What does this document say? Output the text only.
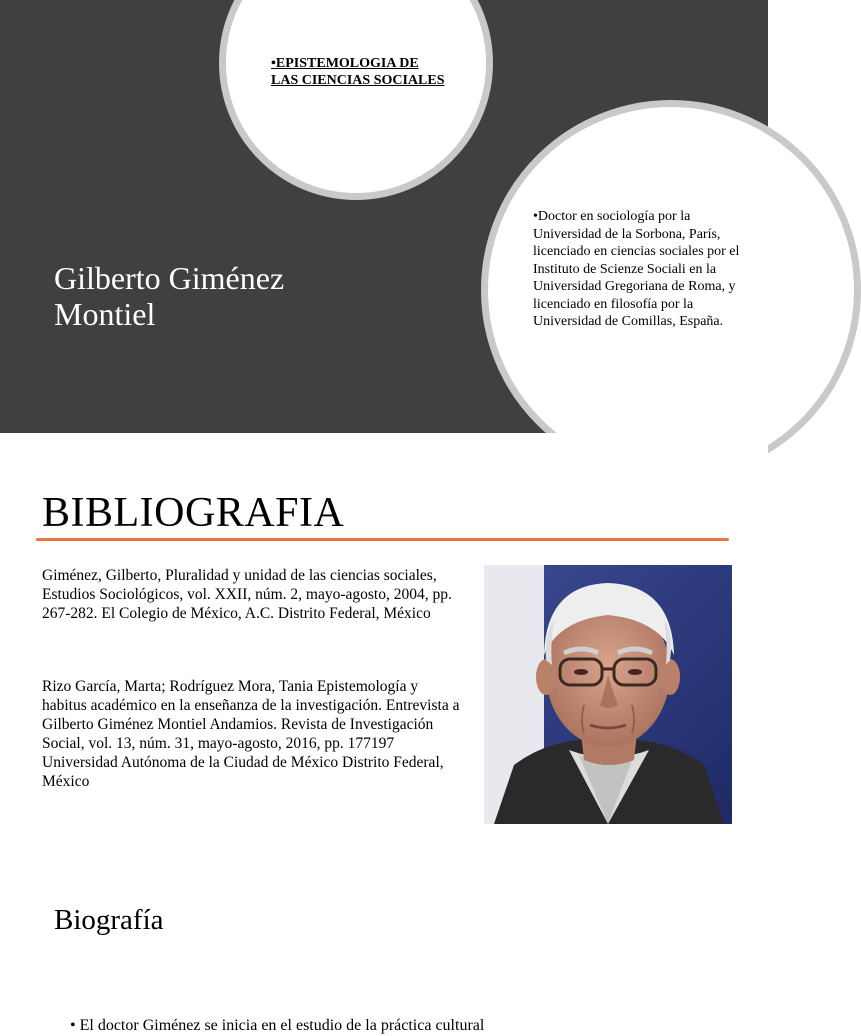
•EPISTEMOLOGIA DE LAS CIENCIAS SOCIALES
•Doctor en sociología por la Universidad de la Sorbona, París, licenciado en ciencias sociales por el Instituto de Scienze Sociali en la Universidad Gregoriana de Roma, y licenciado en filosofía por la Universidad de Comillas, España.
Gilberto Giménez Montiel
BIBLIOGRAFIA
Giménez, Gilberto, Pluralidad y unidad de las ciencias sociales, Estudios Sociológicos, vol. XXII, núm. 2, mayo-agosto, 2004, pp. 267-282. El Colegio de México, A.C. Distrito Federal, México
Rizo García, Marta; Rodríguez Mora, Tania Epistemología y habitus académico en la enseñanza de la investigación. Entrevista a Gilberto Giménez Montiel Andamios. Revista de Investigación Social, vol. 13, núm. 31, mayo-agosto, 2016, pp. 177197 Universidad Autónoma de la Ciudad de México Distrito Federal, México
Biografía
• El doctor Giménez se inicia en el estudio de la práctica cultural
